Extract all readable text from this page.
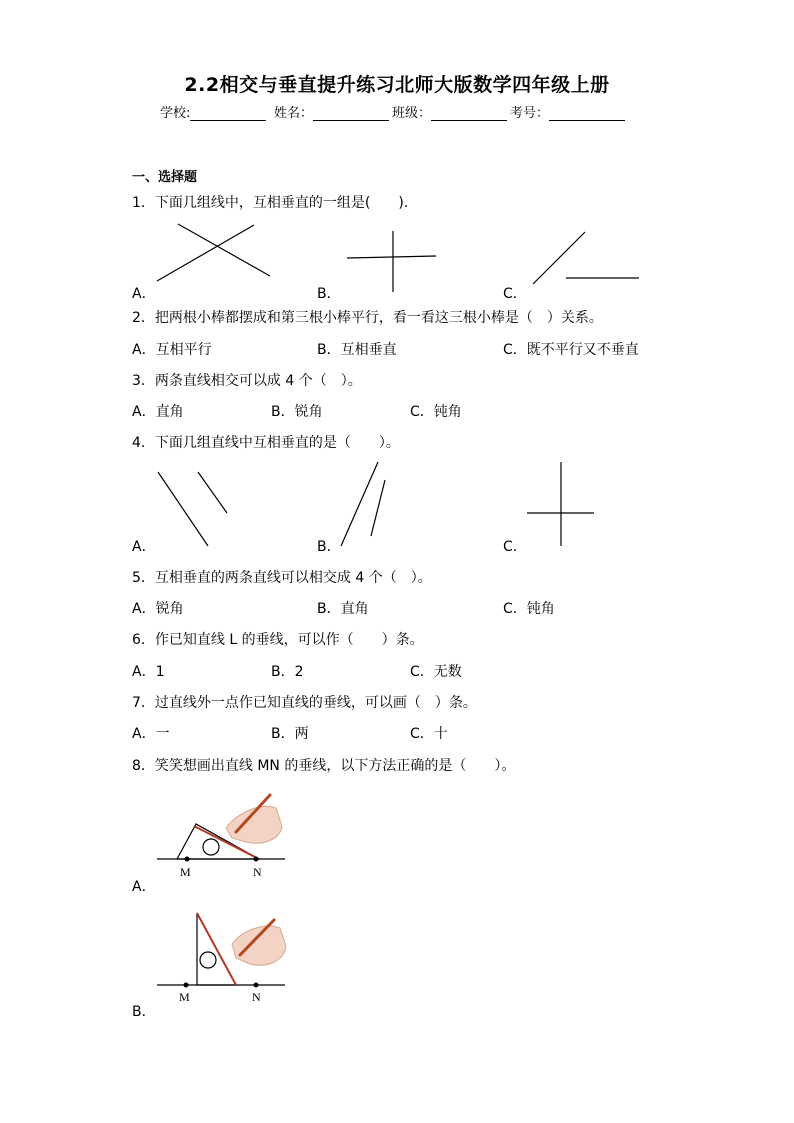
2.2相交与垂直提升练习北师大版数学四年级上册
学校:	姓名：	班级：	考号：
一、选择题
1．下面几组线中，互相垂直的一组是(　　).
A．	B．	C．
2．把两根小棒都摆成和第三根小棒平行，看一看这三根小棒是（　）关系。
A．互相平行	B．互相垂直	C．既不平行又不垂直
3．两条直线相交可以成 4 个（　）。
A．直角	B．锐角	C．钝角
4．下面几组直线中互相垂直的是（　　）。
A．	B．	C．
5．互相垂直的两条直线可以相交成 4 个（　）。
A．锐角	B．直角	C．钝角
6．作已知直线 L 的垂线，可以作（　　）条。
A．1	B．2	C．无数
7．过直线外一点作已知直线的垂线，可以画（　）条。
A．一	B．两	C．十
8．笑笑想画出直线 MN 的垂线，以下方法正确的是（　　）。
A．
B．
M	N
M	N
